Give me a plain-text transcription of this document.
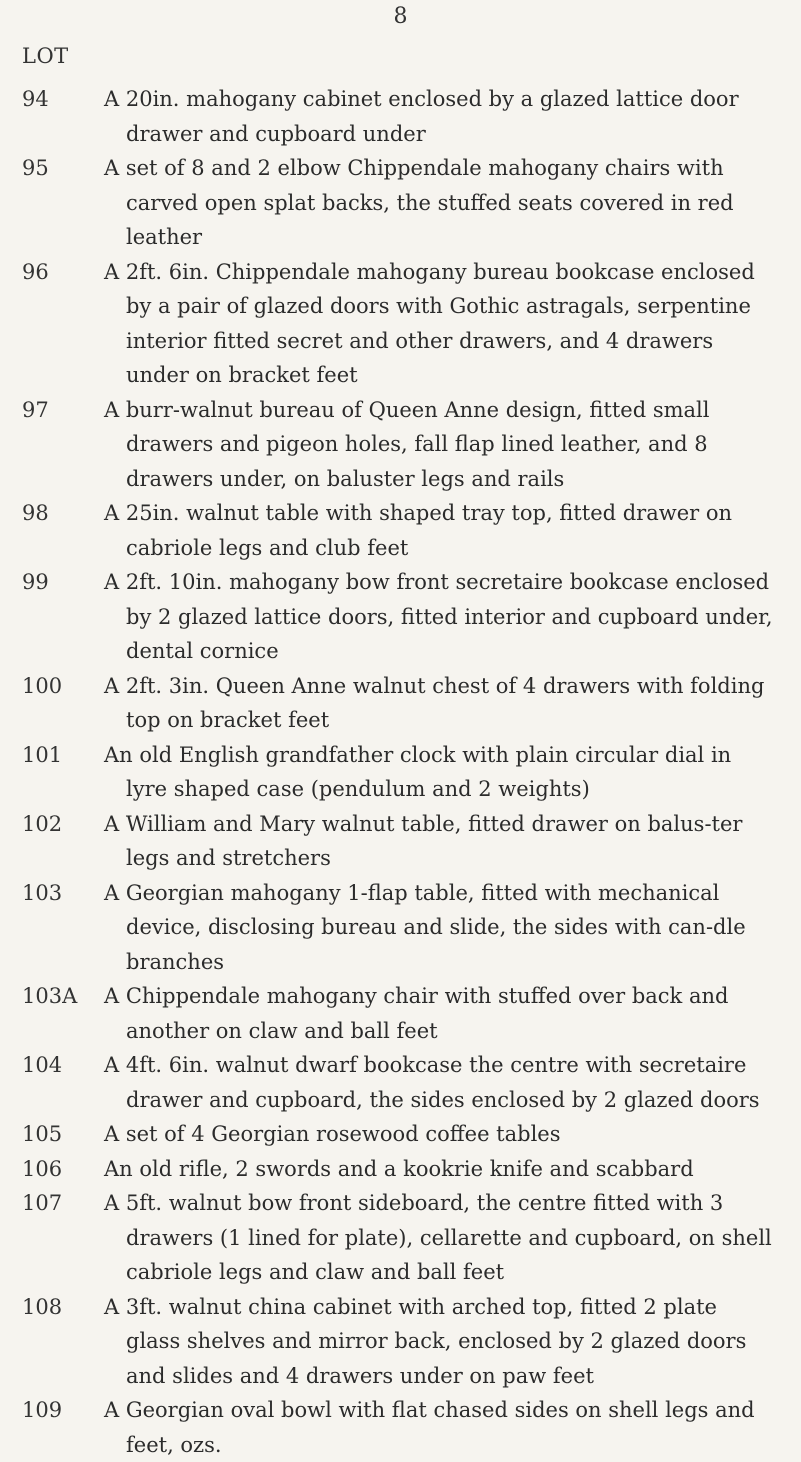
8
LOT
94	A 20in. mahogany cabinet enclosed by a glazed lattice door drawer and cupboard under
95	A set of 8 and 2 elbow Chippendale mahogany chairs with carved open splat backs, the stuffed seats covered in red leather
96	A 2ft. 6in. Chippendale mahogany bureau bookcase enclosed by a pair of glazed doors with Gothic astragals, serpentine interior fitted secret and other drawers, and 4 drawers under on bracket feet
97	A burr-walnut bureau of Queen Anne design, fitted small drawers and pigeon holes, fall flap lined leather, and 8 drawers under, on baluster legs and rails
98	A 25in. walnut table with shaped tray top, fitted drawer on cabriole legs and club feet
99	A 2ft. 10in. mahogany bow front secretaire bookcase enclosed by 2 glazed lattice doors, fitted interior and cupboard under, dental cornice
100	A 2ft. 3in. Queen Anne walnut chest of 4 drawers with folding top on bracket feet
101	An old English grandfather clock with plain circular dial in lyre shaped case (pendulum and 2 weights)
102	A William and Mary walnut table, fitted drawer on balus-ter legs and stretchers
103	A Georgian mahogany 1-flap table, fitted with mechanical device, disclosing bureau and slide, the sides with can-dle branches
103A	A Chippendale mahogany chair with stuffed over back and another on claw and ball feet
104	A 4ft. 6in. walnut dwarf bookcase the centre with secretaire drawer and cupboard, the sides enclosed by 2 glazed doors
105	A set of 4 Georgian rosewood coffee tables
106	An old rifle, 2 swords and a kookrie knife and scabbard
107	A 5ft. walnut bow front sideboard, the centre fitted with 3 drawers (1 lined for plate), cellarette and cupboard, on shell cabriole legs and claw and ball feet
108	A 3ft. walnut china cabinet with arched top, fitted 2 plate glass shelves and mirror back, enclosed by 2 glazed doors and slides and 4 drawers under on paw feet
109	A Georgian oval bowl with flat chased sides on shell legs and feet, ozs.
